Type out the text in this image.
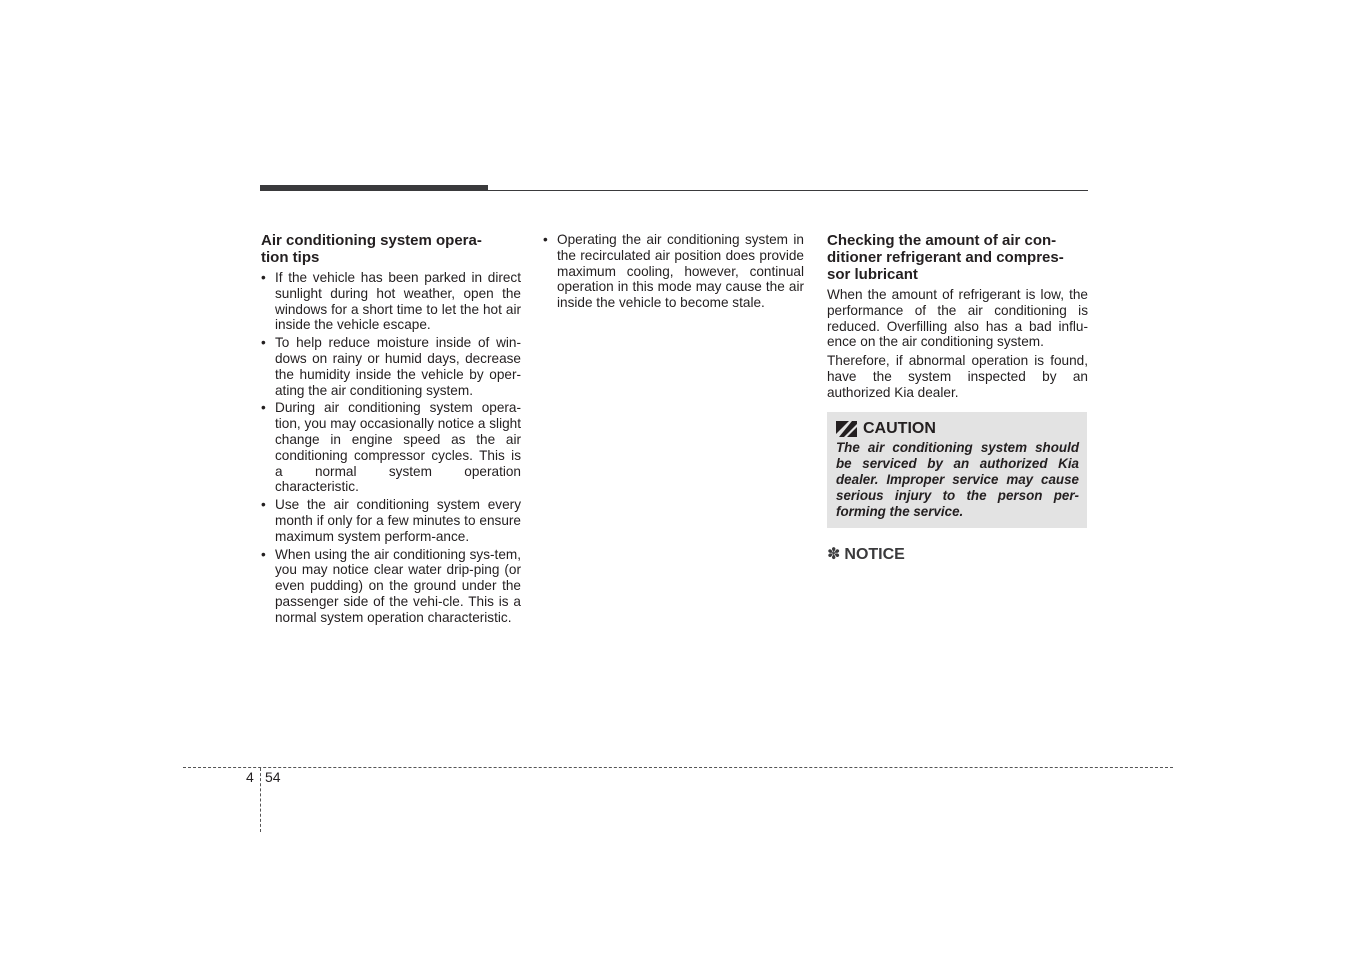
Air conditioning system opera-
tion tips
• If the vehicle has been parked in direct sunlight during hot weather, open the windows for a short time to let the hot air inside the vehicle escape.
• To help reduce moisture inside of win-dows on rainy or humid days, decrease the humidity inside the vehicle by oper-ating the air conditioning system.
• During air conditioning system opera-tion, you may occasionally notice a slight change in engine speed as the air conditioning compressor cycles. This is a normal system operation characteristic.
• Use the air conditioning system every month if only for a few minutes to ensure maximum system perform-ance.
• When using the air conditioning sys-tem, you may notice clear water drip-ping (or even pudding) on the ground under the passenger side of the vehi-cle. This is a normal system operation characteristic.
• Operating the air conditioning system in the recirculated air position does provide maximum cooling, however, continual operation in this mode may cause the air inside the vehicle to become stale.
Checking the amount of air con-
ditioner refrigerant and compres-
sor lubricant

When the amount of refrigerant is low, the performance of the air conditioning is reduced. Overfilling also has a bad influ-ence on the air conditioning system.

Therefore, if abnormal operation is found, have the system inspected by an authorized Kia dealer.

CAUTION
The air conditioning system should be serviced by an authorized Kia dealer. Improper service may cause serious injury to the person per-forming the service.
✽ NOTICE
4 54
